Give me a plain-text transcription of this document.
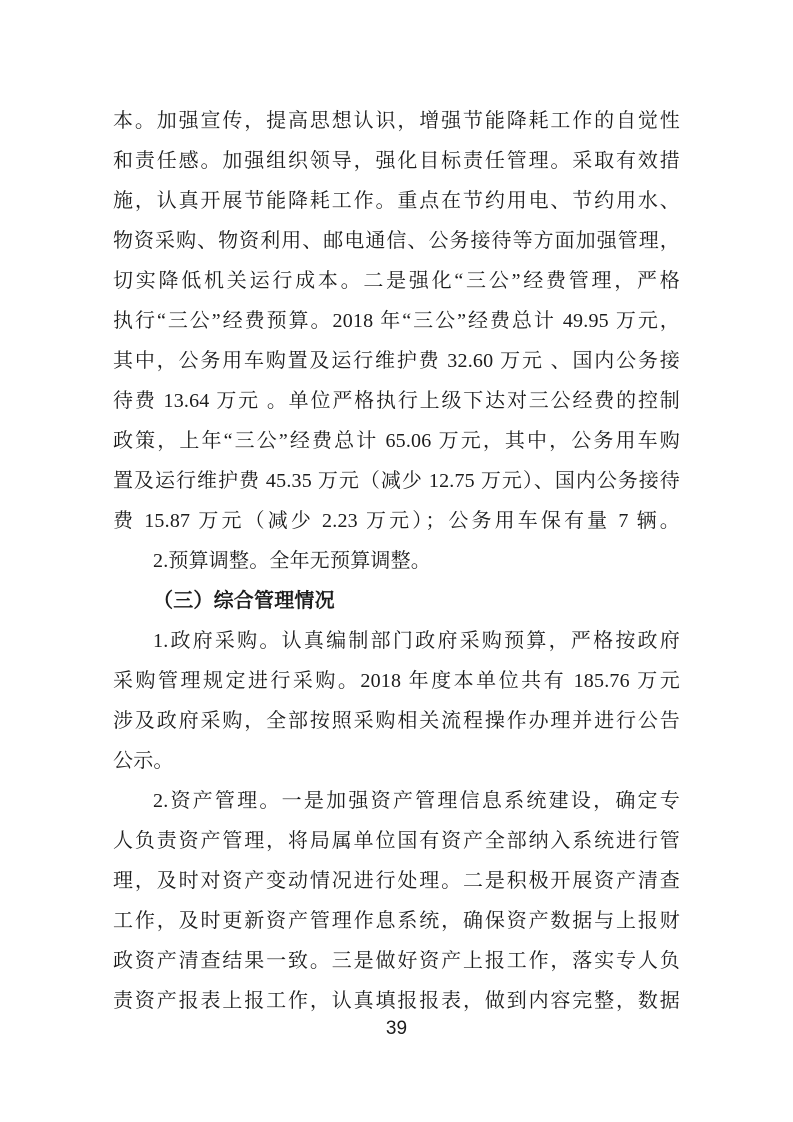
本。加强宣传，提高思想认识，增强节能降耗工作的自觉性
和责任感。加强组织领导，强化目标责任管理。采取有效措
施，认真开展节能降耗工作。重点在节约用电、节约用水、
物资采购、物资利用、邮电通信、公务接待等方面加强管理，
切实降低机关运行成本。二是强化“三公”经费管理，严格
执行“三公”经费预算。2018 年“三公”经费总计 49.95 万元，
其中，公务用车购置及运行维护费 32.60 万元 、国内公务接
待费 13.64 万元 。单位严格执行上级下达对三公经费的控制
政策，上年“三公”经费总计 65.06 万元，其中，公务用车购
置及运行维护费 45.35 万元（减少 12.75 万元）、国内公务接待
费 15.87 万元（减少 2.23 万元）；公务用车保有量 7 辆。
2.预算调整。全年无预算调整。
（三）综合管理情况
1.政府采购。认真编制部门政府采购预算，严格按政府
采购管理规定进行采购。2018 年度本单位共有 185.76 万元
涉及政府采购，全部按照采购相关流程操作办理并进行公告
公示。
2.资产管理。一是加强资产管理信息系统建设，确定专
人负责资产管理，将局属单位国有资产全部纳入系统进行管
理，及时对资产变动情况进行处理。二是积极开展资产清查
工作，及时更新资产管理作息系统，确保资产数据与上报财
政资产清查结果一致。三是做好资产上报工作，落实专人负
责资产报表上报工作，认真填报报表，做到内容完整，数据
39
